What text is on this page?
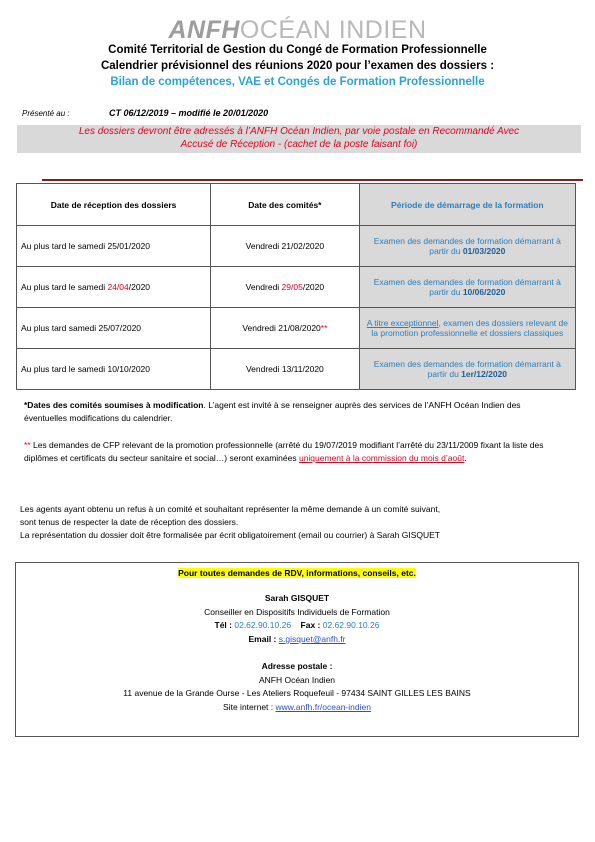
ANFHOCÉAN INDIEN
Comité Territorial de Gestion du Congé de Formation Professionnelle
Calendrier prévisionnel des réunions 2020 pour l’examen des dossiers :
Bilan de compétences, VAE et Congés de Formation Professionnelle
Présenté au :	CT 06/12/2019 – modifié le 20/01/2020
Les dossiers devront être adressés à l’ANFH Océan Indien, par voie postale en Recommandé Avec
Accusé de Réception - (cachet de la poste faisant foi)
Date de réception des dossiers	Date des comités*	Période de démarrage de la formation
Au plus tard le samedi 25/01/2020	Vendredi 21/02/2020	Examen des demandes de formation démarrant à partir du 01/03/2020
Au plus tard le samedi 24/04/2020	Vendredi 29/05/2020	Examen des demandes de formation démarrant à partir du 10/06/2020
Au plus tard samedi 25/07/2020	Vendredi 21/08/2020**	A titre exceptionnel, examen des dossiers relevant de la promotion professionnelle et dossiers classiques
Au plus tard le samedi 10/10/2020	Vendredi 13/11/2020	Examen des demandes de formation démarrant à partir du 1er/12/2020
*Dates des comités soumises à modification. L’agent est invité à se renseigner auprès des services de l’ANFH Océan Indien des éventuelles modifications du calendrier.
** Les demandes de CFP relevant de la promotion professionnelle (arrêté du 19/07/2019 modifiant l’arrêté du 23/11/2009 fixant la liste des diplômes et certificats du secteur sanitaire et social…) seront examinées uniquement à la commission du mois d’août.
Les agents ayant obtenu un refus à un comité et souhaitant représenter la même demande à un comité suivant,
sont tenus de respecter la date de réception des dossiers.
La représentation du dossier doit être formalisée par écrit obligatoirement (email ou courrier) à Sarah GISQUET
Pour toutes demandes de RDV, informations, conseils, etc.
Sarah GISQUET
Conseiller en Dispositifs Individuels de Formation
Tél : 02.62.90.10.26 Fax : 02.62.90.10.26
Email : s.gisquet@anfh.fr
Adresse postale :
ANFH Océan Indien
11 avenue de la Grande Ourse - Les Ateliers Roquefeuil - 97434 SAINT GILLES LES BAINS
Site internet : www.anfh.fr/ocean-indien
